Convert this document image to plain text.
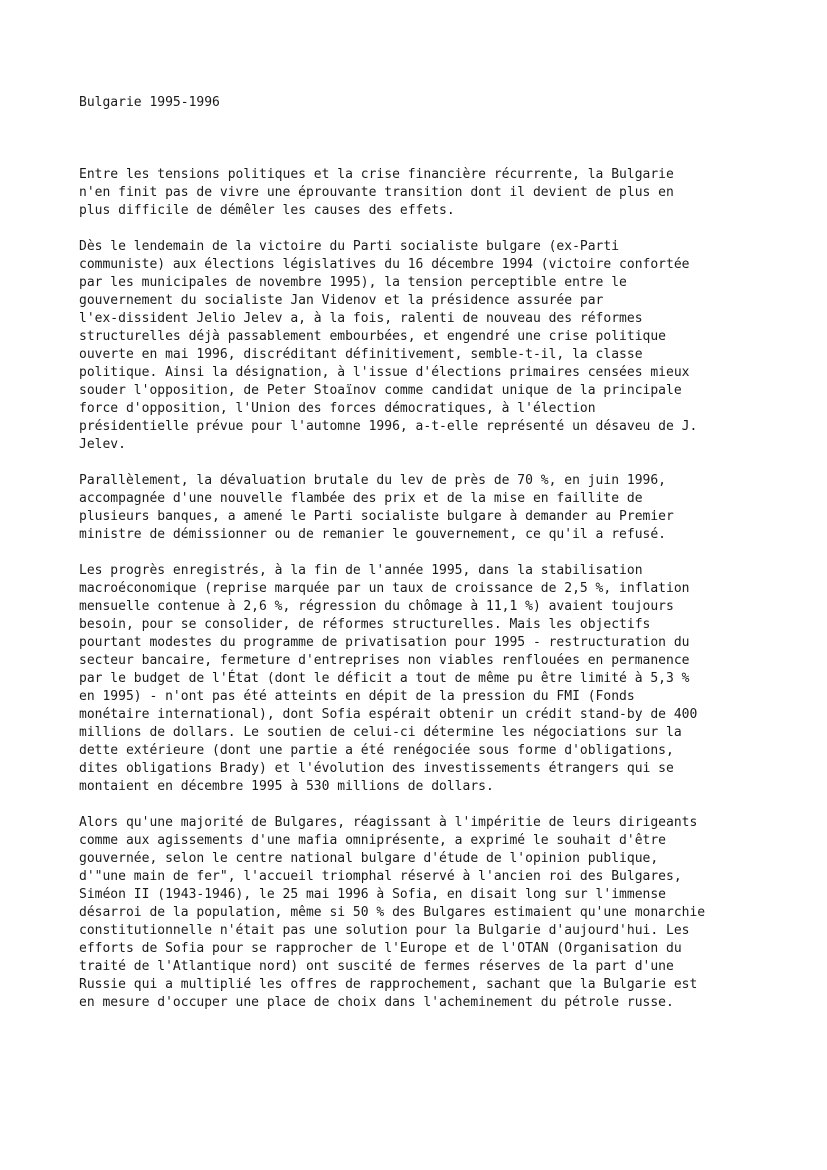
Bulgarie 1995-1996
Entre les tensions politiques et la crise financière récurrente, la Bulgarie
n'en finit pas de vivre une éprouvante transition dont il devient de plus en
plus difficile de démêler les causes des effets.
Dès le lendemain de la victoire du Parti socialiste bulgare (ex-Parti
communiste) aux élections législatives du 16 décembre 1994 (victoire confortée
par les municipales de novembre 1995), la tension perceptible entre le
gouvernement du socialiste Jan Videnov et la présidence assurée par
l'ex-dissident Jelio Jelev a, à la fois, ralenti de nouveau des réformes
structurelles déjà passablement embourbées, et engendré une crise politique
ouverte en mai 1996, discréditant définitivement, semble-t-il, la classe
politique. Ainsi la désignation, à l'issue d'élections primaires censées mieux
souder l'opposition, de Peter Stoaïnov comme candidat unique de la principale
force d'opposition, l'Union des forces démocratiques, à l'élection
présidentielle prévue pour l'automne 1996, a-t-elle représenté un désaveu de J.
Jelev.
Parallèlement, la dévaluation brutale du lev de près de 70 %, en juin 1996,
accompagnée d'une nouvelle flambée des prix et de la mise en faillite de
plusieurs banques, a amené le Parti socialiste bulgare à demander au Premier
ministre de démissionner ou de remanier le gouvernement, ce qu'il a refusé.
Les progrès enregistrés, à la fin de l'année 1995, dans la stabilisation
macroéconomique (reprise marquée par un taux de croissance de 2,5 %, inflation
mensuelle contenue à 2,6 %, régression du chômage à 11,1 %) avaient toujours
besoin, pour se consolider, de réformes structurelles. Mais les objectifs
pourtant modestes du programme de privatisation pour 1995 - restructuration du
secteur bancaire, fermeture d'entreprises non viables renflouées en permanence
par le budget de l'État (dont le déficit a tout de même pu être limité à 5,3 %
en 1995) - n'ont pas été atteints en dépit de la pression du FMI (Fonds
monétaire international), dont Sofia espérait obtenir un crédit stand-by de 400
millions de dollars. Le soutien de celui-ci détermine les négociations sur la
dette extérieure (dont une partie a été renégociée sous forme d'obligations,
dites obligations Brady) et l'évolution des investissements étrangers qui se
montaient en décembre 1995 à 530 millions de dollars.
Alors qu'une majorité de Bulgares, réagissant à l'impéritie de leurs dirigeants
comme aux agissements d'une mafia omniprésente, a exprimé le souhait d'être
gouvernée, selon le centre national bulgare d'étude de l'opinion publique,
d'"une main de fer", l'accueil triomphal réservé à l'ancien roi des Bulgares,
Siméon II (1943-1946), le 25 mai 1996 à Sofia, en disait long sur l'immense
désarroi de la population, même si 50 % des Bulgares estimaient qu'une monarchie
constitutionnelle n'était pas une solution pour la Bulgarie d'aujourd'hui. Les
efforts de Sofia pour se rapprocher de l'Europe et de l'OTAN (Organisation du
traité de l'Atlantique nord) ont suscité de fermes réserves de la part d'une
Russie qui a multiplié les offres de rapprochement, sachant que la Bulgarie est
en mesure d'occuper une place de choix dans l'acheminement du pétrole russe.
